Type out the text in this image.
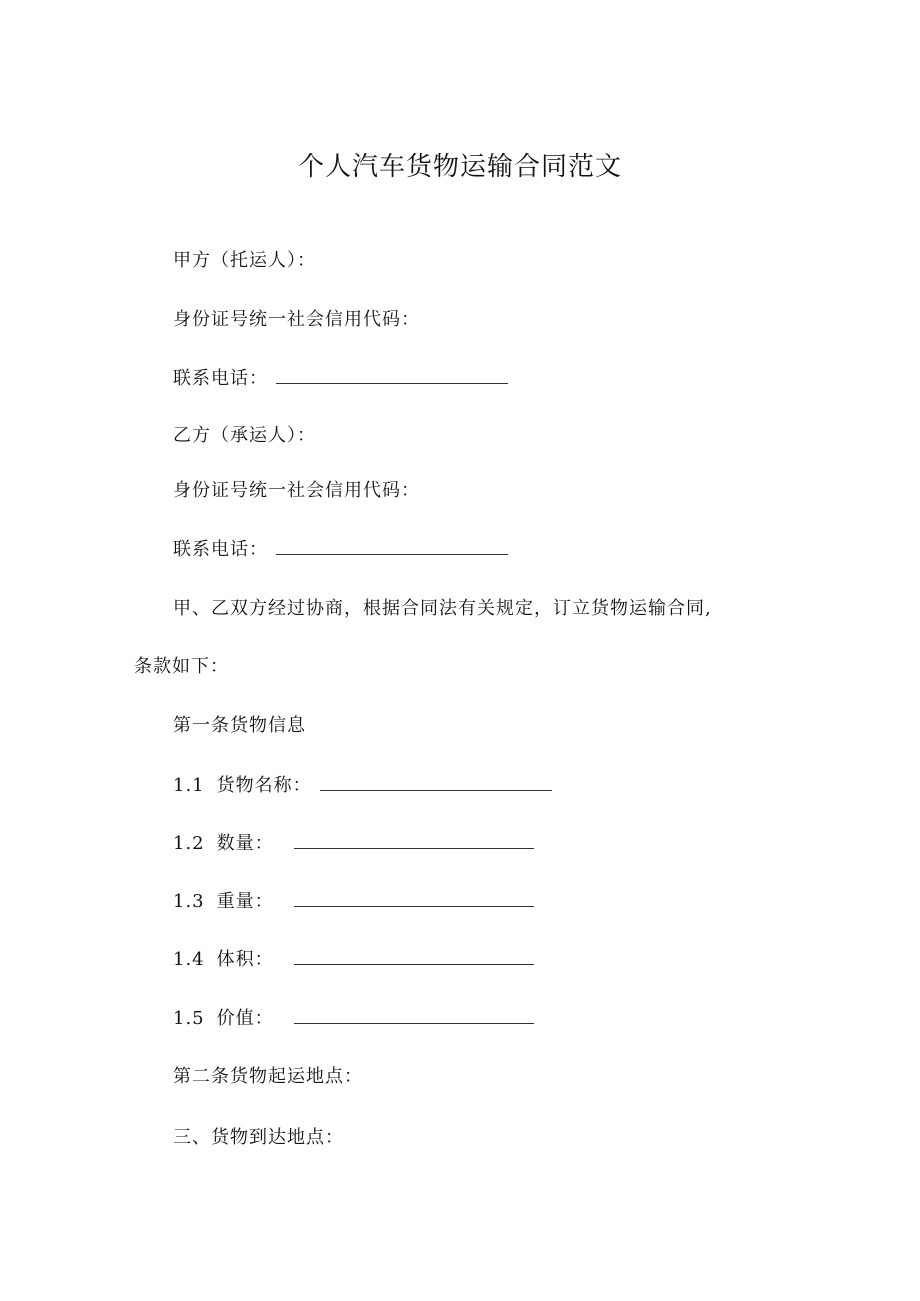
个人汽车货物运输合同范文
甲方（托运人）：
身份证号统一社会信用代码：
联系电话：
乙方（承运人）：
身份证号统一社会信用代码：
联系电话：
甲、乙双方经过协商，根据合同法有关规定，订立货物运输合同,
条款如下：
第一条货物信息
1.1 货物名称：
1.2 数量：
1.3 重量：
1.4 体积：
1.5 价值：
第二条货物起运地点：
三、货物到达地点：
